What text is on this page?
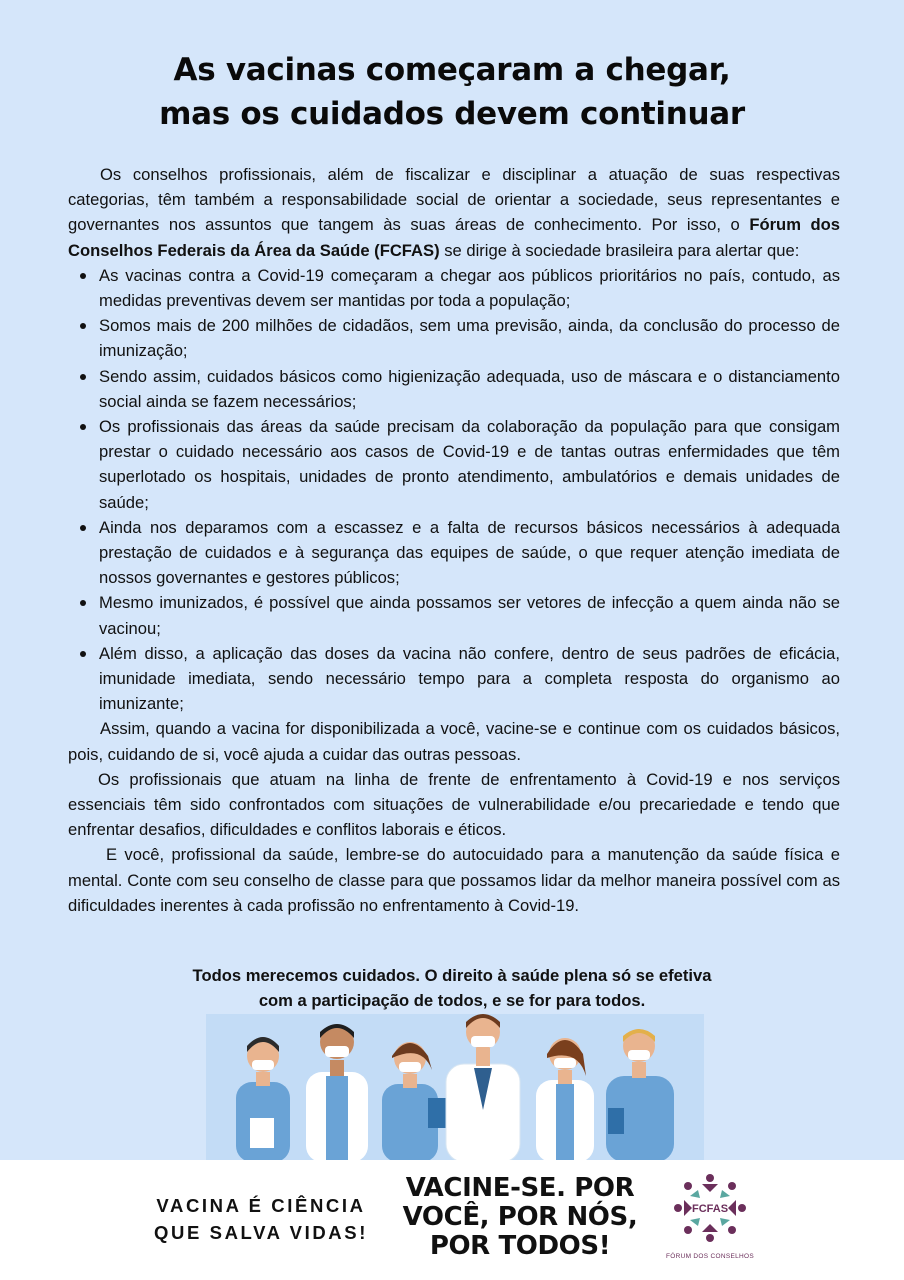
As vacinas começaram a chegar,
mas os cuidados devem continuar

Os conselhos profissionais, além de fiscalizar e disciplinar a atuação de suas respectivas categorias, têm também a responsabilidade social de orientar a sociedade, seus representantes e governantes nos assuntos que tangem às suas áreas de conhecimento. Por isso, o Fórum dos Conselhos Federais da Área da Saúde (FCFAS) se dirige à sociedade brasileira para alertar que:

As vacinas contra a Covid-19 começaram a chegar aos públicos prioritários no país, contudo, as medidas preventivas devem ser mantidas por toda a população;
Somos mais de 200 milhões de cidadãos, sem uma previsão, ainda, da conclusão do processo de imunização;
Sendo assim, cuidados básicos como higienização adequada, uso de máscara e o distanciamento social ainda se fazem necessários;
Os profissionais das áreas da saúde precisam da colaboração da população para que consigam prestar o cuidado necessário aos casos de Covid-19 e de tantas outras enfermidades que têm superlotado os hospitais, unidades de pronto atendimento, ambulatórios e demais unidades de saúde;
Ainda nos deparamos com a escassez e a falta de recursos básicos necessários à adequada prestação de cuidados e à segurança das equipes de saúde, o que requer atenção imediata de nossos governantes e gestores públicos;
Mesmo imunizados, é possível que ainda possamos ser vetores de infecção a quem ainda não se vacinou;
Além disso, a aplicação das doses da vacina não confere, dentro de seus padrões de eficácia, imunidade imediata, sendo necessário tempo para a completa resposta do organismo ao imunizante;

Assim, quando a vacina for disponibilizada a você, vacine-se e continue com os cuidados básicos, pois, cuidando de si, você ajuda a cuidar das outras pessoas.

Os profissionais que atuam na linha de frente de enfrentamento à Covid-19 e nos serviços essenciais têm sido confrontados com situações de vulnerabilidade e/ou precariedade e tendo que enfrentar desafios, dificuldades e conflitos laborais e éticos.

E você, profissional da saúde, lembre-se do autocuidado para a manutenção da saúde física e mental. Conte com seu conselho de classe para que possamos lidar da melhor maneira possível com as dificuldades inerentes à cada profissão no enfrentamento à Covid-19.

Todos merecemos cuidados. O direito à saúde plena só se efetiva
com a participação de todos, e se for para todos.
VACINA É CIÊNCIA
QUE SALVA VIDAS!
VACINE-SE. POR
VOCÊ, POR NÓS,
POR TODOS!
FCFAS
FÓRUM DOS CONSELHOS
